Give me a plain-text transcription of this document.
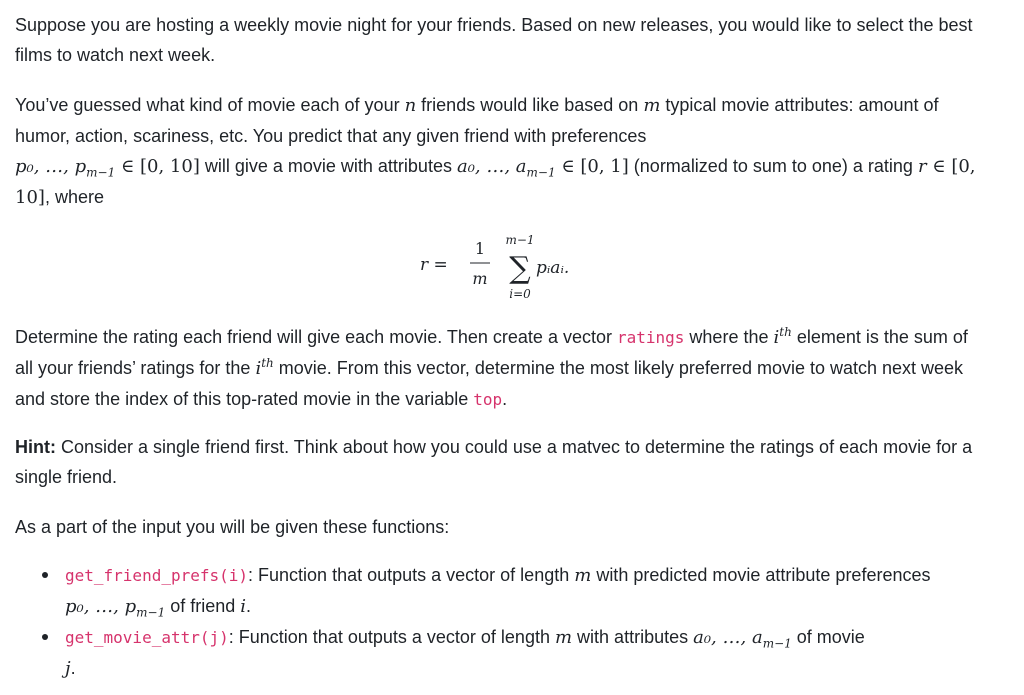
Suppose you are hosting a weekly movie night for your friends. Based on new releases, you would like to select the best films to watch next week.

You’ve guessed what kind of movie each of your n friends would like based on m typical movie attributes: amount of humor, action, scariness, etc. You predict that any given friend with preferences
p₀, …, $p_{m-1}$ ∈ [0, 10] will give a movie with attributes a₀, …, $a_{m-1}$ ∈ [0, 1] (normalized to sum to one) a rating r ∈ [0, 10], where

r =
1
m
m−1
∑
i=0
pᵢaᵢ.

Determine the rating each friend will give each movie. Then create a vector ratings where the $i^{th}$ element is the sum of all your friends’ ratings for the $i^{th}$ movie. From this vector, determine the most likely preferred movie to watch next week and store the index of this top-rated movie in the variable top.

Hint: Consider a single friend first. Think about how you could use a matvec to determine the ratings of each movie for a single friend.

As a part of the input you will be given these functions:

get_friend_prefs(i): Function that outputs a vector of length m with predicted movie attribute preferences
p₀, …, $p_{m-1}$ of friend i.
get_movie_attr(j): Function that outputs a vector of length m with attributes a₀, …, $a_{m-1}$ of movie
j.
